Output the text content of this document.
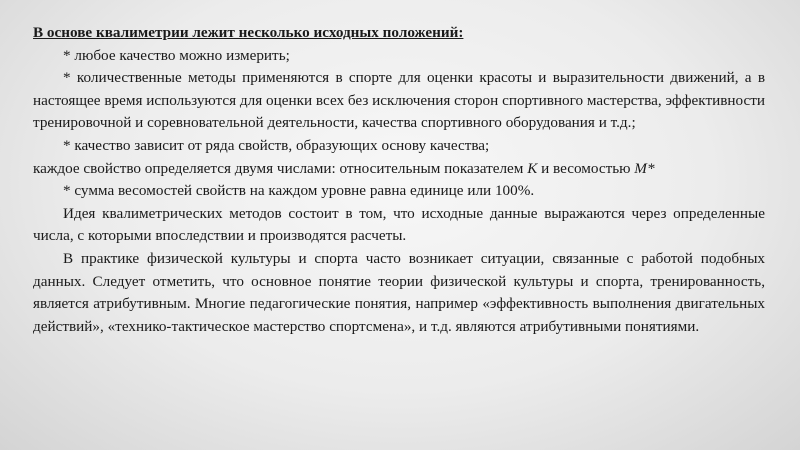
В основе квалиметрии лежит несколько исходных положений:

* любое качество можно измерить;

* количественные методы применяются в спорте для оценки красоты и выразительности движений, а в настоящее время используются для оценки всех без исключения сторон спортивного мастерства, эффективности тренировочной и соревновательной деятельности, качества спортивного оборудования и т.д.;

* качество зависит от ряда свойств, образующих основу качества;

каждое свойство определяется двумя числами: относительным показателем К и весомостью М*

* сумма весомостей свойств на каждом уровне равна единице или 100%.

Идея квалиметрических методов состоит в том, что исходные данные выражаются через определенные числа, с которыми впоследствии и производятся расчеты.

В практике физической культуры и спорта часто возникает ситуации, связанные с работой подобных данных. Следует отметить, что основное понятие теории физической культуры и спорта, тренированность, является атрибутивным. Многие педагогические понятия, например «эффективность выполнения двигательных действий», «технико-тактическое мастерство спортсмена», и т.д. являются атрибутивными понятиями.
